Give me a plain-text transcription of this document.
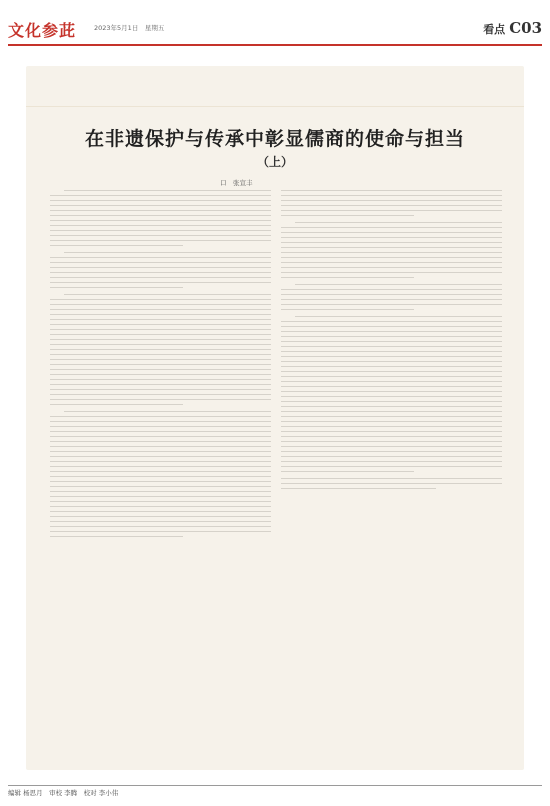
文化参茈	2023年5月1日　星期五	看点 C03
在非遗保护与传承中彰显儒商的使命与担当
（上）
口　张宣丰
编辑 杨思月　审校 李腾　校对 李小伟
